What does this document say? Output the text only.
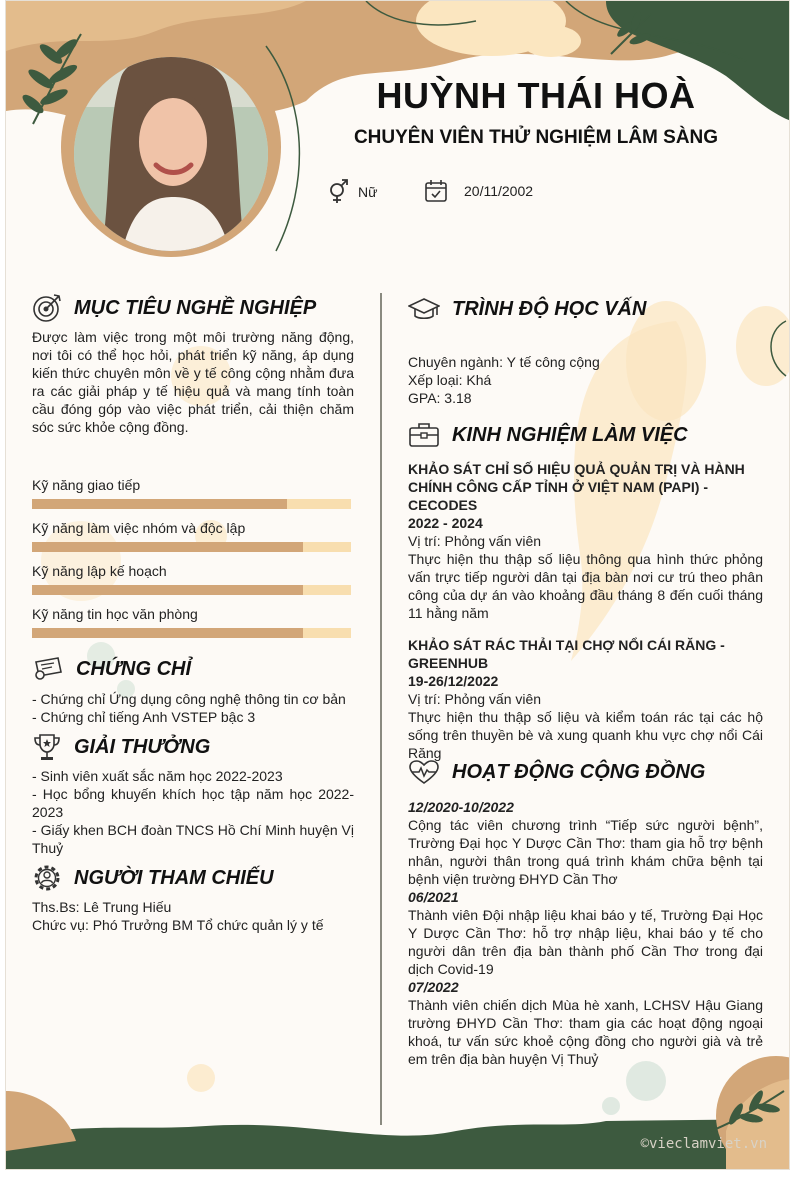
HUỲNH THÁI HOÀ
CHUYÊN VIÊN THỬ NGHIỆM LÂM SÀNG
Nữ	20/11/2002
MỤC TIÊU NGHỀ NGHIỆP
Được làm việc trong một môi trường năng động, nơi tôi có thể học hỏi, phát triển kỹ năng, áp dụng kiến thức chuyên môn về y tế công cộng nhằm đưa ra các giải pháp y tế hiệu quả và mang tính toàn cầu đóng góp vào việc phát triển, cải thiện chăm sóc sức khỏe cộng đồng.
Kỹ năng giao tiếp
Kỹ năng làm việc nhóm và độc lập
Kỹ năng lập kế hoạch
Kỹ năng tin học văn phòng
CHỨNG CHỈ

- Chứng chỉ Ứng dụng công nghệ thông tin cơ bản

- Chứng chỉ tiếng Anh VSTEP bậc 3

GIẢI THƯỞNG

- Sinh viên xuất sắc năm học 2022-2023

- Học bổng khuyến khích học tập năm học 2022-2023

- Giấy khen BCH đoàn TNCS Hồ Chí Minh huyện Vị Thuỷ

NGƯỜI THAM CHIẾU

Ths.Bs: Lê Trung Hiếu

Chức vụ: Phó Trưởng BM Tổ chức quản lý y tế

TRÌNH ĐỘ HỌC VẤN

Chuyên ngành: Y tế công cộng

Xếp loại: Khá

GPA: 3.18

KINH NGHIỆM LÀM VIỆC

KHẢO SÁT CHỈ SỐ HIỆU QUẢ QUẢN TRỊ VÀ HÀNH CHÍNH CÔNG CẤP TỈNH Ở VIỆT NAM (PAPI) - CECODES

2022 - 2024

Vị trí: Phỏng vấn viên

Thực hiện thu thập số liệu thông qua hình thức phỏng vấn trực tiếp người dân tại địa bàn nơi cư trú theo phân công của dự án vào khoảng đầu tháng 8 đến cuối tháng 11 hằng năm

KHẢO SÁT RÁC THẢI TẠI CHỢ NỔI CÁI RĂNG - GREENHUB

19-26/12/2022

Vị trí: Phỏng vấn viên

Thực hiện thu thập số liệu và kiểm toán rác tại các hộ sống trên thuyền bè và xung quanh khu vực chợ nổi Cái Răng

HOẠT ĐỘNG CỘNG ĐỒNG

12/2020-10/2022

Cộng tác viên chương trình “Tiếp sức người bệnh”, Trường Đại học Y Dược Cần Thơ: tham gia hỗ trợ bệnh nhân, người thân trong quá trình khám chữa bệnh tại bệnh viện trường ĐHYD Cần Thơ

06/2021

Thành viên Đội nhập liệu khai báo y tế, Trường Đại Học Y Dược Cần Thơ: hỗ trợ nhập liệu, khai báo y tế cho người dân trên địa bàn thành phố Cần Thơ trong đại dịch Covid-19

07/2022

Thành viên chiến dịch Mùa hè xanh, LCHSV Hậu Giang trường ĐHYD Cần Thơ: tham gia các hoạt động ngoại khoá, tư vấn sức khoẻ cộng đồng cho người già và trẻ em trên địa bàn huyện Vị Thuỷ

©vieclamviet.vn
